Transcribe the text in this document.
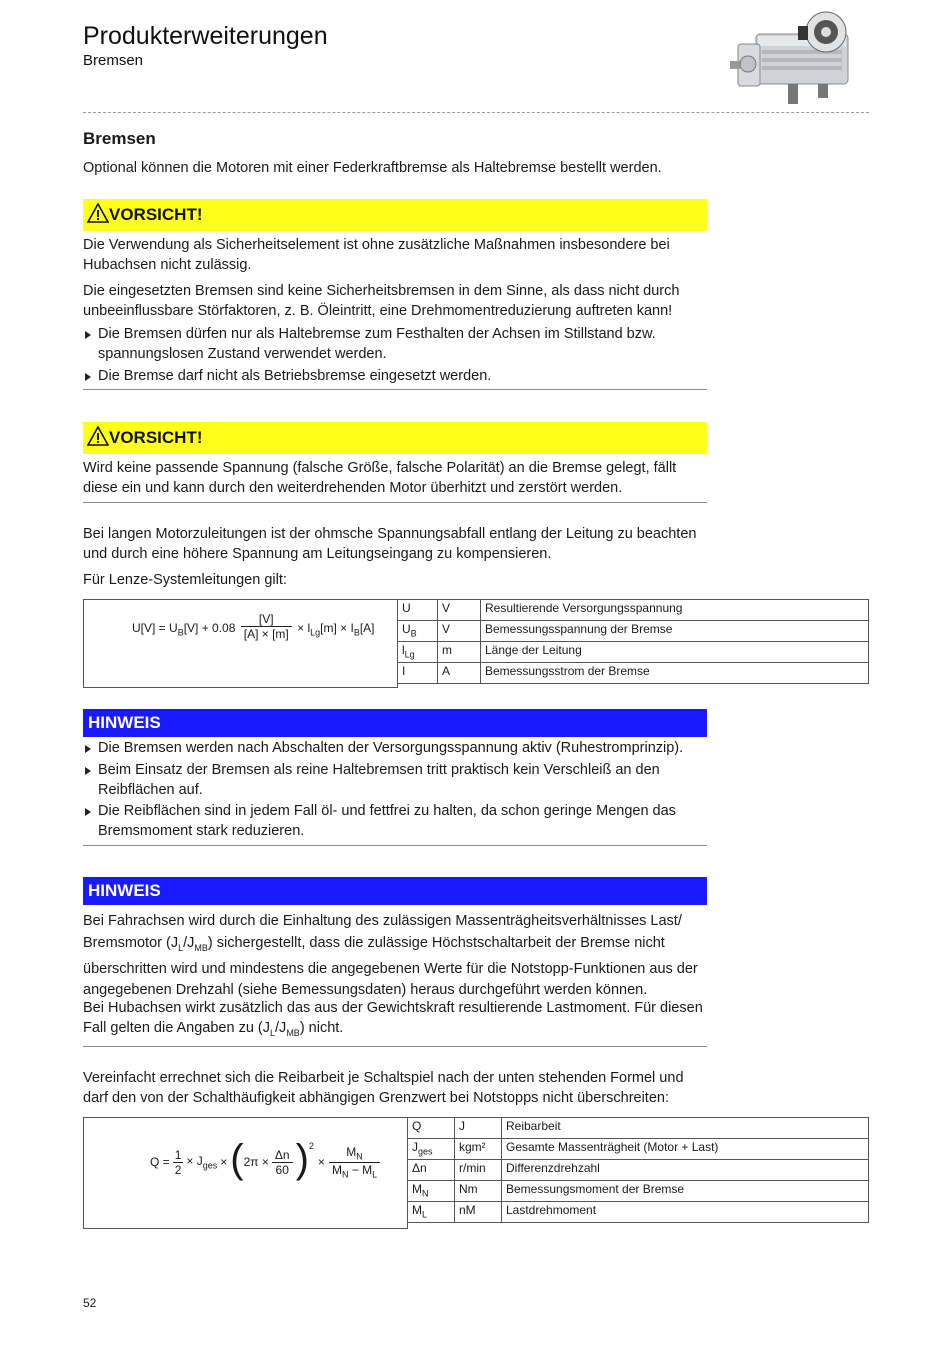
Produkterweiterungen
Bremsen
Bremsen
Optional können die Motoren mit einer Federkraftbremse als Haltebremse bestellt werden.
VORSICHT!
Die Verwendung als Sicherheitselement ist ohne zusätzliche Maßnahmen insbesondere bei Hubachsen nicht zulässig.
Die eingesetzten Bremsen sind keine Sicherheitsbremsen in dem Sinne, als dass nicht durch unbeeinflussbare Störfaktoren, z. B. Öleintritt, eine Drehmomentreduzierung auftreten kann!
Die Bremsen dürfen nur als Haltebremse zum Festhalten der Achsen im Stillstand bzw. spannungslosen Zustand verwendet werden.
Die Bremse darf nicht als Betriebsbremse eingesetzt werden.
VORSICHT!
Wird keine passende Spannung (falsche Größe, falsche Polarität) an die Bremse gelegt, fällt diese ein und kann durch den weiterdrehenden Motor überhitzt und zerstört werden.
Bei langen Motorzuleitungen ist der ohmsche Spannungsabfall entlang der Leitung zu beachten und durch eine höhere Spannung am Leitungseingang zu kompensieren.
Für Lenze-Systemleitungen gilt:
$U[V] = U_B[V] + 0.08 \frac{[V]}{[A] \times [m]} \times l_{Lg}[m] \times I_B[A]$
U	V	Resultierende Versorgungsspannung
$U_B$	V	Bemessungsspannung der Bremse
$l_{Lg}$	m	Länge der Leitung
I	A	Bemessungsstrom der Bremse
HINWEIS
Die Bremsen werden nach Abschalten der Versorgungsspannung aktiv (Ruhestromprinzip).
Beim Einsatz der Bremsen als reine Haltebremsen tritt praktisch kein Verschleiß an den Reibflächen auf.
Die Reibflächen sind in jedem Fall öl- und fettfrei zu halten, da schon geringe Mengen das Bremsmoment stark reduzieren.
HINWEIS
Bei Fahrachsen wird durch die Einhaltung des zulässigen Massenträgheitsverhältnisses Last/ Bremsmotor $(J_L/J_{MB})$ sichergestellt, dass die zulässige Höchstschaltarbeit der Bremse nicht überschritten wird und mindestens die angegebenen Werte für die Notstopp-Funktionen aus der angegebenen Drehzahl (siehe Bemessungsdaten) heraus durchgeführt werden können.
Bei Hubachsen wirkt zusätzlich das aus der Gewichtskraft resultierende Lastmoment. Für diesen Fall gelten die Angaben zu $(J_L/J_{MB})$ nicht.
Vereinfacht errechnet sich die Reibarbeit je Schaltspiel nach der unten stehenden Formel und darf den von der Schalthäufigkeit abhängigen Grenzwert bei Notstopps nicht überschreiten:
$Q = \frac{1}{2} \times J_{ges}$ × ( $2\pi \times \frac{\Delta n}{60} )^2$
× $\frac{M_N}{M_N - M_L}$
Q	J	Reibarbeit
$J_{ges}$	kgm²	Gesamte Massenträgheit (Motor + Last)
Δn	r/min	Differenzdrehzahl
$M_N$	Nm	Bemessungsmoment der Bremse
$M_L$	nM	Lastdrehmoment
52
